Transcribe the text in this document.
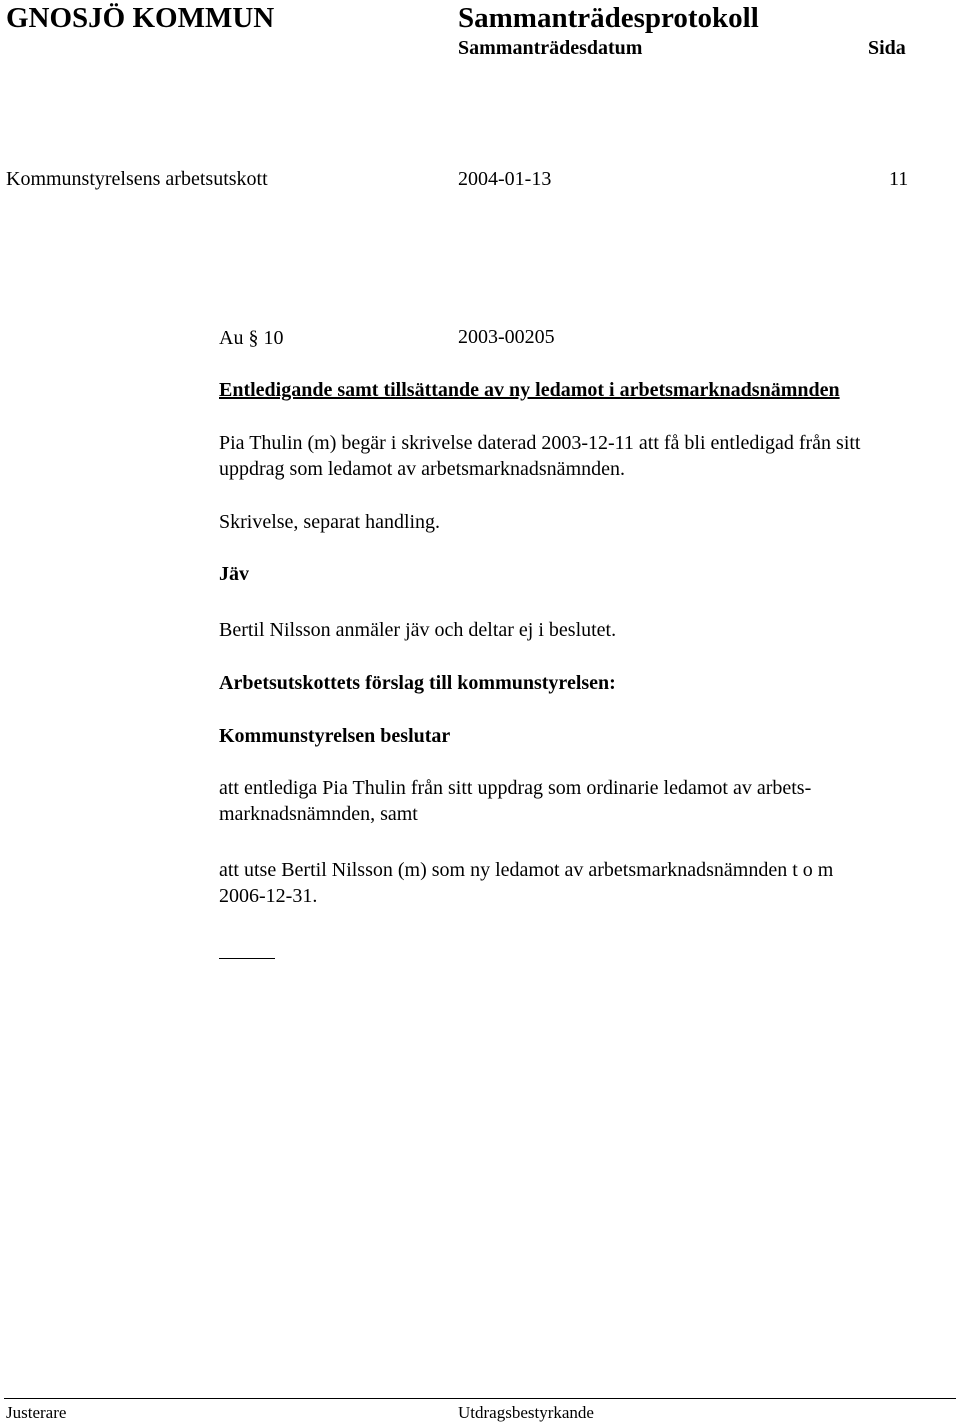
GNOSJÖ KOMMUN	Sammanträdesprotokoll
Sammanträdesdatum	Sida
Kommunstyrelsens arbetsutskott	2004-01-13	11
Au § 10	2003-00205
Entledigande samt tillsättande av ny ledamot i arbetsmarknadsnämnden
Pia Thulin (m) begär i skrivelse daterad 2003-12-11 att få bli entledigad från sitt
uppdrag som ledamot av arbetsmarknadsnämnden.
Skrivelse, separat handling.
Jäv
Bertil Nilsson anmäler jäv och deltar ej i beslutet.
Arbetsutskottets förslag till kommunstyrelsen:
Kommunstyrelsen beslutar
att entlediga Pia Thulin från sitt uppdrag som ordinarie ledamot av arbets-
marknadsnämnden, samt
att utse Bertil Nilsson (m) som ny ledamot av arbetsmarknadsnämnden t o m
2006-12-31.
Justerare	Utdragsbestyrkande
